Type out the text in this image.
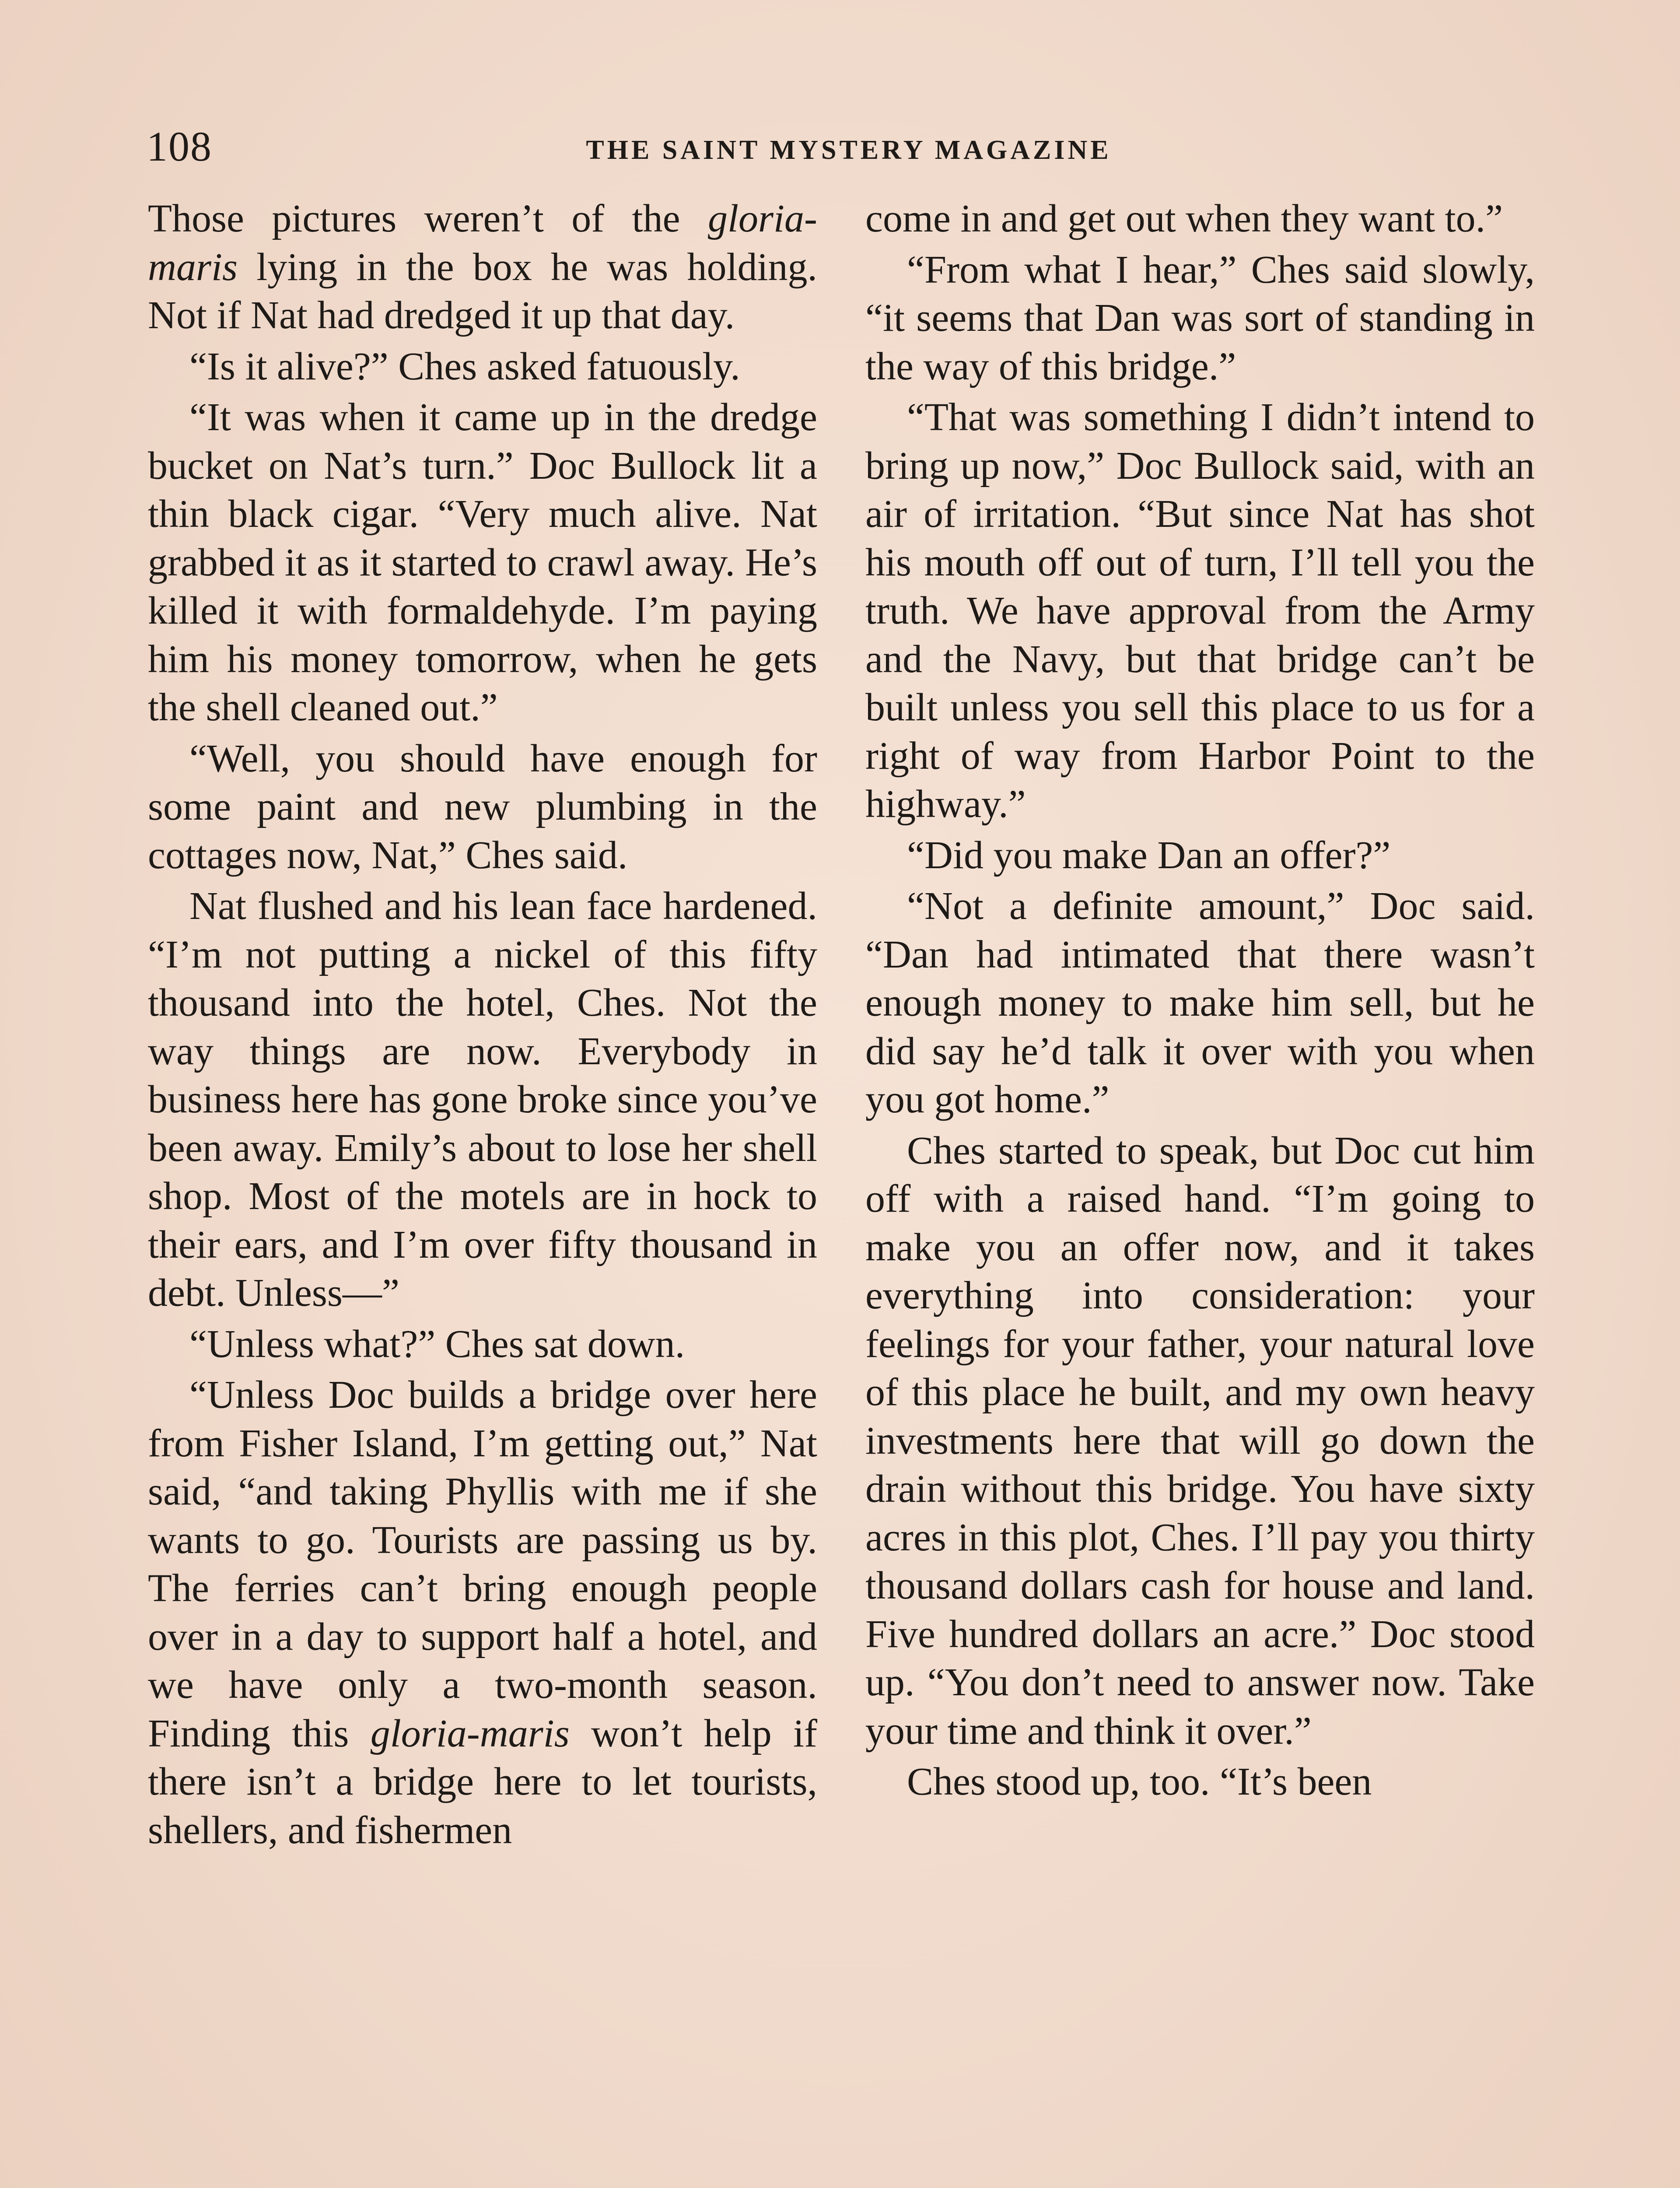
108	THE SAINT MYSTERY MAGAZINE

Those pictures weren’t of the gloria-maris lying in the box he was holding. Not if Nat had dredged it up that day.

“Is it alive?” Ches asked fatuously.

“It was when it came up in the dredge bucket on Nat’s turn.” Doc Bullock lit a thin black cigar. “Very much alive. Nat grabbed it as it started to crawl away. He’s killed it with formaldehyde. I’m paying him his money tomorrow, when he gets the shell cleaned out.”

“Well, you should have enough for some paint and new plumbing in the cottages now, Nat,” Ches said.

Nat flushed and his lean face hardened. “I’m not putting a nickel of this fifty thousand into the hotel, Ches. Not the way things are now. Everybody in business here has gone broke since you’ve been away. Emily’s about to lose her shell shop. Most of the motels are in hock to their ears, and I’m over fifty thousand in debt. Unless—”

“Unless what?” Ches sat down.

“Unless Doc builds a bridge over here from Fisher Island, I’m getting out,” Nat said, “and taking Phyllis with me if she wants to go. Tourists are passing us by. The ferries can’t bring enough people over in a day to support half a hotel, and we have only a two-month season. Finding this gloria-maris won’t help if there isn’t a bridge here to let tourists, shellers, and fishermen

come in and get out when they want to.”

“From what I hear,” Ches said slowly, “it seems that Dan was sort of standing in the way of this bridge.”

“That was something I didn’t intend to bring up now,” Doc Bullock said, with an air of irritation. “But since Nat has shot his mouth off out of turn, I’ll tell you the truth. We have approval from the Army and the Navy, but that bridge can’t be built unless you sell this place to us for a right of way from Harbor Point to the highway.”

“Did you make Dan an offer?”

“Not a definite amount,” Doc said. “Dan had intimated that there wasn’t enough money to make him sell, but he did say he’d talk it over with you when you got home.”

Ches started to speak, but Doc cut him off with a raised hand. “I’m going to make you an offer now, and it takes everything into consideration: your feelings for your father, your natural love of this place he built, and my own heavy investments here that will go down the drain without this bridge. You have sixty acres in this plot, Ches. I’ll pay you thirty thousand dollars cash for house and land. Five hundred dollars an acre.” Doc stood up. “You don’t need to answer now. Take your time and think it over.”

Ches stood up, too. “It’s been
